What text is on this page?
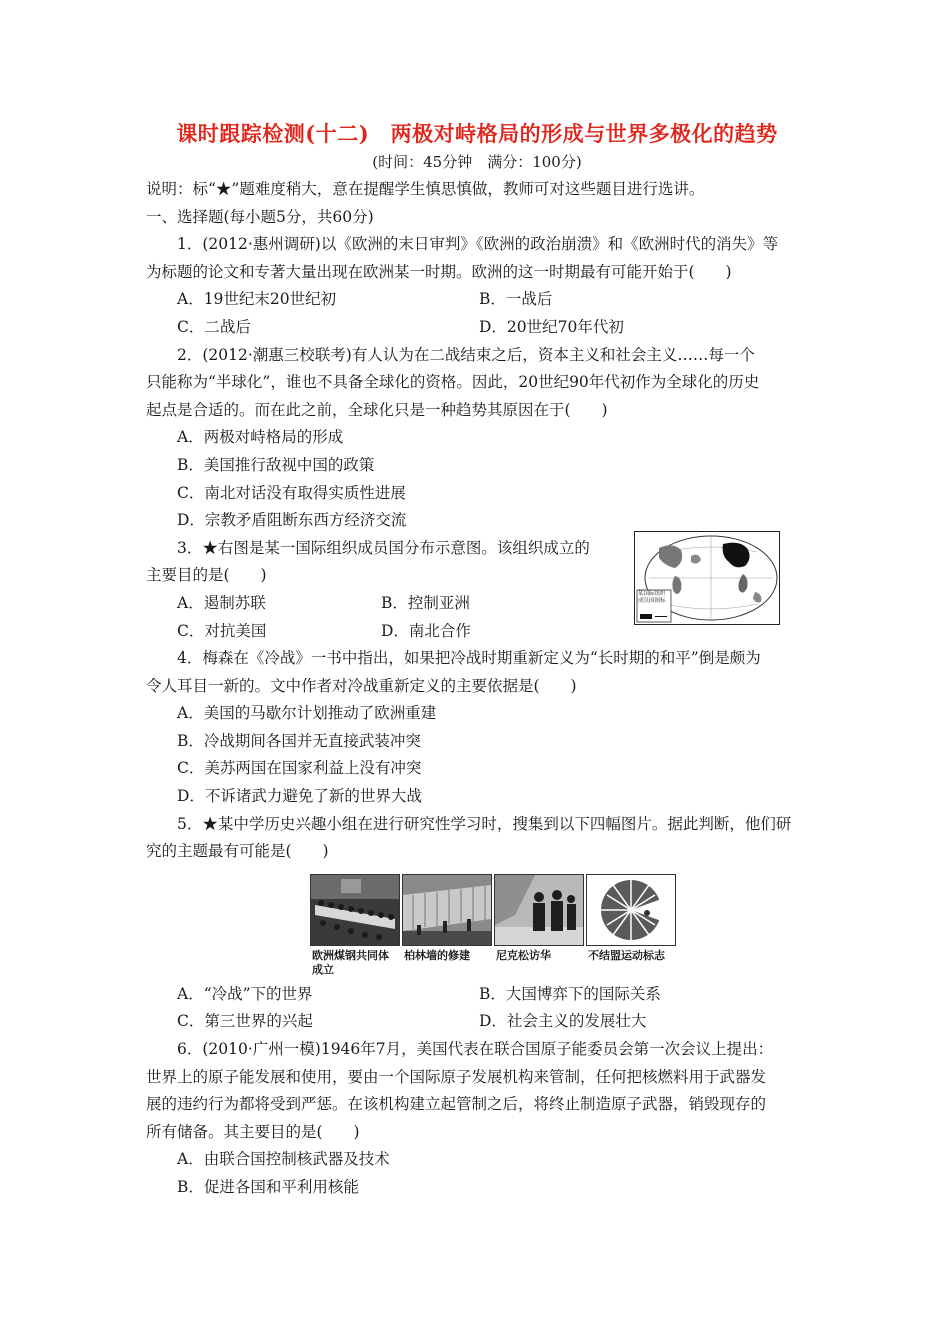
课时跟踪检测(十二)　两极对峙格局的形成与世界多极化的趋势
(时间：45分钟　满分：100分)
说明：标“★”题难度稍大，意在提醒学生慎思慎做，教师可对这些题目进行选讲。
一、选择题(每小题5分，共60分)
1．(2012·惠州调研)以《欧洲的末日审判》《欧洲的政治崩溃》和《欧洲时代的消失》等
为标题的论文和专著大量出现在欧洲某一时期。欧洲的这一时期最有可能开始于(　　)
A．19世纪末20世纪初	B．一战后
C．二战后	D．20世纪70年代初
2．(2012·潮惠三校联考)有人认为在二战结束之后，资本主义和社会主义……每一个
只能称为“半球化”，谁也不具备全球化的资格。因此，20世纪90年代初作为全球化的历史
起点是合适的。而在此之前，全球化只是一种趋势其原因在于(　　)
A．两极对峙格局的形成
B．美国推行敌视中国的政策
C．南北对话没有取得实质性进展
D．宗教矛盾阻断东西方经济交流
3．★右图是某一国际组织成员国分布示意图。该组织成立的
主要目的是(　　)
A．遏制苏联	B．控制亚洲
C．对抗美国	D．南北合作
某国际组织成员国图标
4．梅森在《冷战》一书中指出，如果把冷战时期重新定义为“长时期的和平”倒是颇为
令人耳目一新的。文中作者对冷战重新定义的主要依据是(　　)
A．美国的马歇尔计划推动了欧洲重建
B．冷战期间各国并无直接武装冲突
C．美苏两国在国家利益上没有冲突
D．不诉诸武力避免了新的世界大战
5．★某中学历史兴趣小组在进行研究性学习时，搜集到以下四幅图片。据此判断，他们研
究的主题最有可能是(　　)
欧洲煤钢共同体成立
柏林墙的修建	尼克松访华	不结盟运动标志
A．“冷战”下的世界	B．大国博弈下的国际关系
C．第三世界的兴起	D．社会主义的发展壮大
6．(2010·广州一模)1946年7月，美国代表在联合国原子能委员会第一次会议上提出：
世界上的原子能发展和使用，要由一个国际原子发展机构来管制，任何把核燃料用于武器发
展的违约行为都将受到严惩。在该机构建立起管制之后，将终止制造原子武器，销毁现存的
所有储备。其主要目的是(　　)
A．由联合国控制核武器及技术
B．促进各国和平利用核能
